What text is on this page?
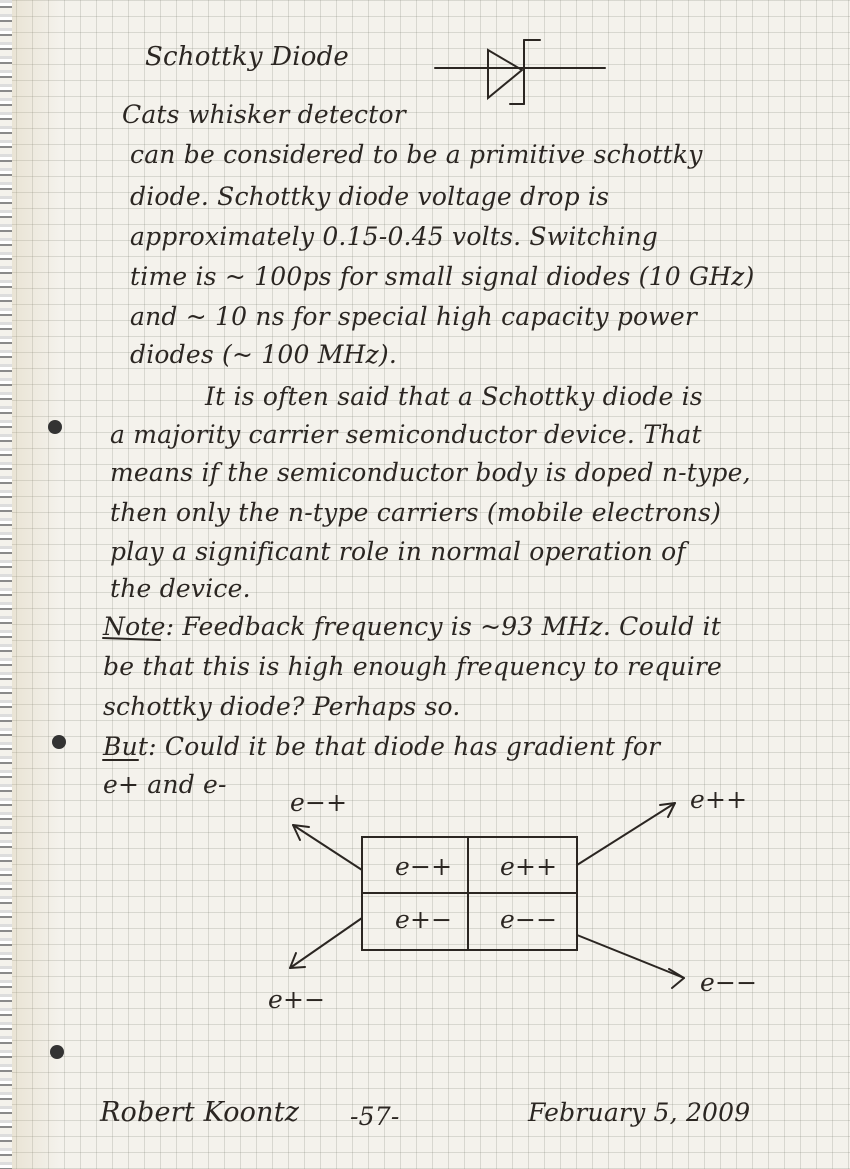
Schottky Diode

Cats whisker detector

can be considered to be a primitive schottky

diode. Schottky diode voltage drop is

approximately 0.15-0.45 volts. Switching

time is ~ 100ps for small signal diodes (10 GHz)

and ~ 10 ns for special high capacity power

diodes (~ 100 MHz).

It is often said that a Schottky diode is

a majority carrier semiconductor device. That

means if the semiconductor body is doped n-type,

then only the n-type carriers (mobile electrons)

play a significant role in normal operation of

the device.

Note: Feedback frequency is ~93 MHz. Could it

be that this is high enough frequency to require

schottky diode? Perhaps so.

But: Could it be that diode has gradient for

e+ and e-

e−+ e++

e+− e−−

e−+	e++

e+−

e−−

Robert Koontz -57-	February 5, 2009
